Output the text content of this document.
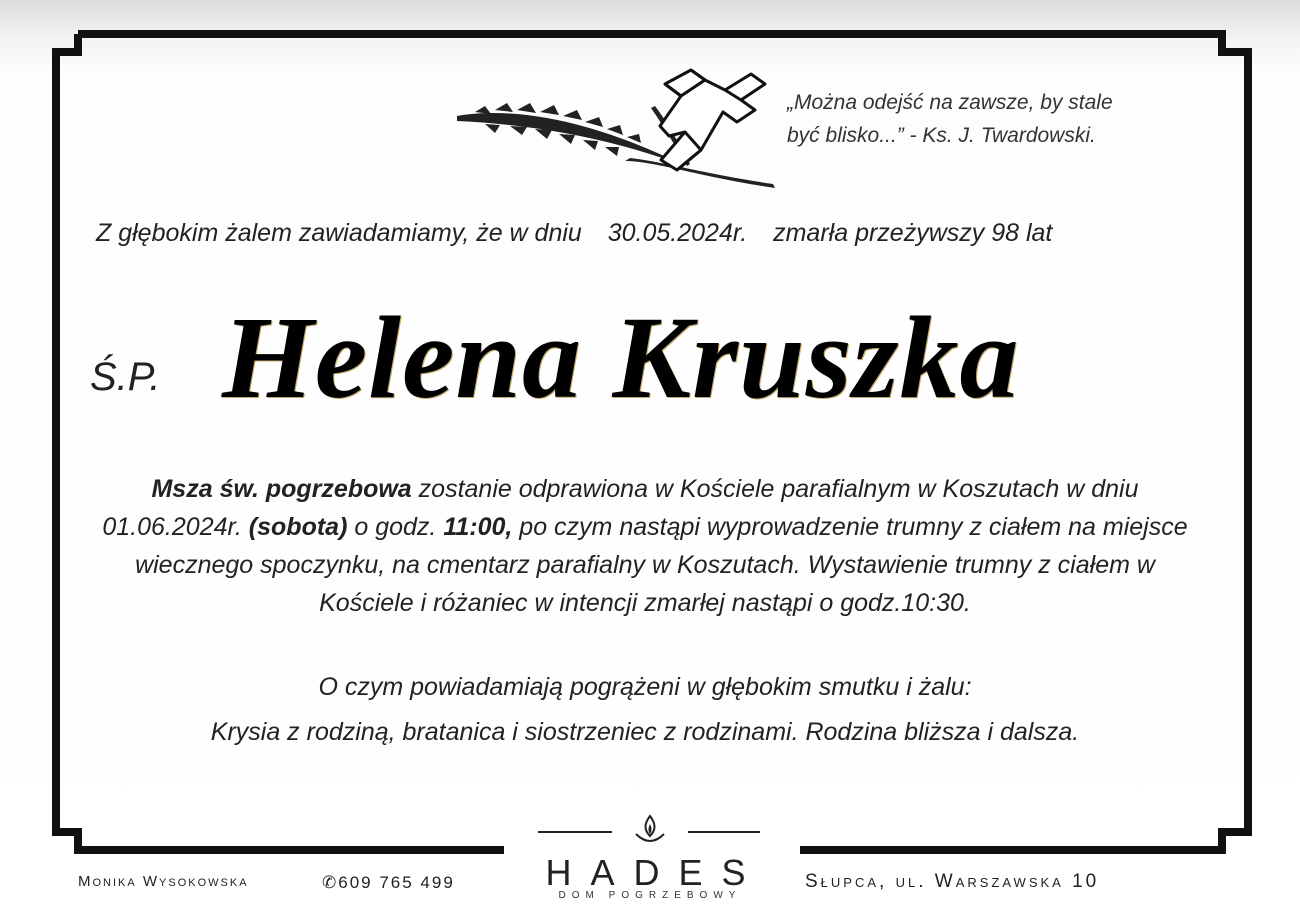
„Można odejść na zawsze, by stale
być blisko...” - Ks. J. Twardowski.
Z głębokim żalem zawiadamiamy, że w dniu 30.05.2024r. zmarła przeżywszy 98 lat
Ś.P. Helena Kruszka
Msza św. pogrzebowa zostanie odprawiona w Kościele parafialnym w Koszutach w dniu 01.06.2024r. (sobota) o godz. 11:00, po czym nastąpi wyprowadzenie trumny z ciałem na miejsce wiecznego spoczynku, na cmentarz parafialny w Koszutach. Wystawienie trumny z ciałem w Kościele i różaniec w intencji zmarłej nastąpi o godz.10:30.
O czym powiadamiają pogrążeni w głębokim smutku i żalu:
Krysia z rodziną, bratanica i siostrzeniec z rodzinami. Rodzina bliższa i dalsza.
Monika Wysokowska	✆609 765 499	HADES
DOM POGRZEBOWY
Słupca, ul. Warszawska 10
